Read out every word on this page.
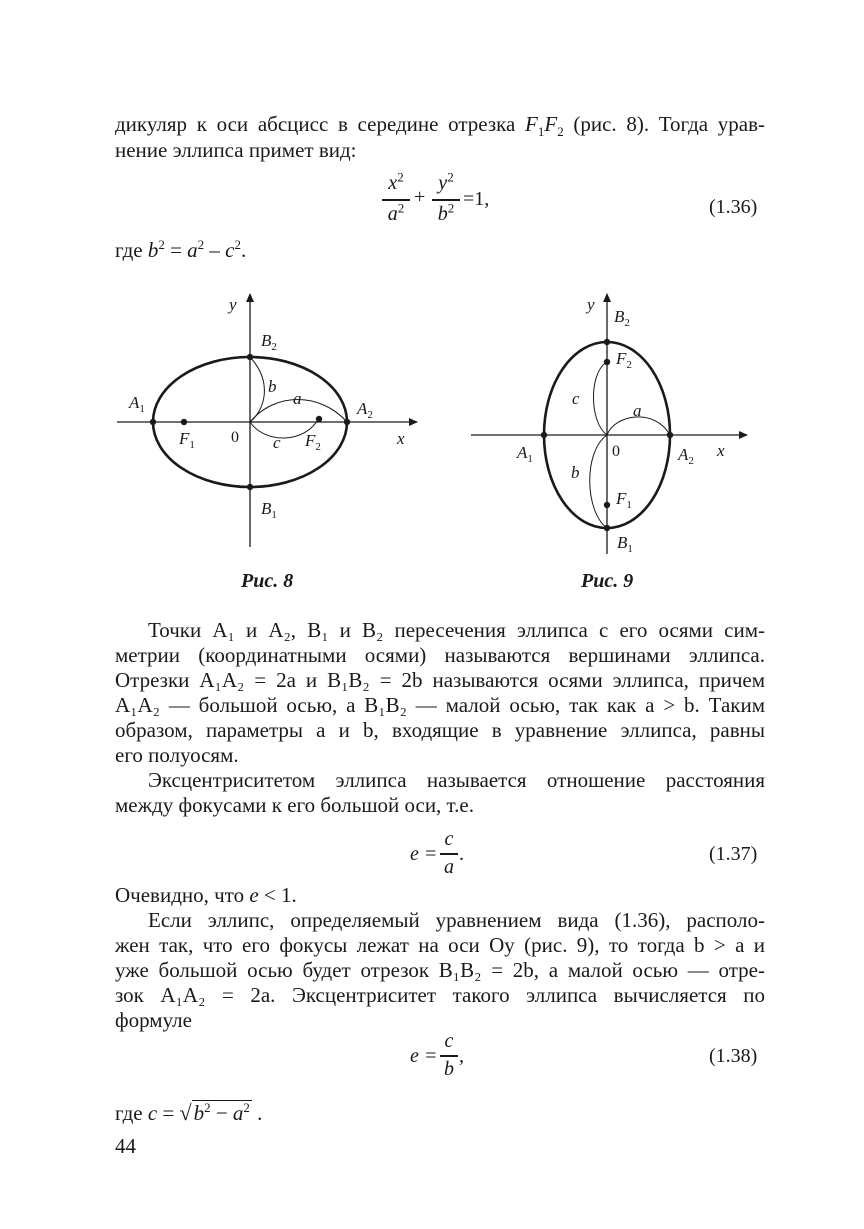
дикуляр к оси абсцисс в середине отрезка $F_1F_2$ (рис. 8). Тогда урав-
нение эллипса примет вид:
$x^2$
$a^2$ +
$y^2$
$b^2 =1$,	(1.36)
где $b^2 = a^2 - c^2$.
y
x
$B_2$
$B_1$
$A_1$	$A_2$
$F_1$	$F_2$
0
b
a
c
Рис. 8
y
x
$B_2$
$B_1$
$A_1$	$A_2$
$F_2$
$F_1$
0
c
a
b
Рис. 9
Точки A₁ и A₂, B₁ и B₂ пересечения эллипса с его осями сим-
метрии (координатными осями) называются вершинами эллипса.
Отрезки A₁A₂ = 2a и B₁B₂ = 2b называются осями эллипса, причем
A₁A₂ — большой осью, а B₁B₂ — малой осью, так как a > b. Таким
образом, параметры a и b, входящие в уравнение эллипса, равны
его полуосям.
Эксцентриситетом эллипса называется отношение расстояния
между фокусами к его большой оси, т.е.
e =
c
a
.	(1.37)
Очевидно, что e < 1.
Если эллипс, определяемый уравнением вида (1.36), располо-
жен так, что его фокусы лежат на оси Oy (рис. 9), то тогда b > a и
уже большой осью будет отрезок B₁B₂ = 2b, а малой осью — отре-
зок A₁A₂ = 2a. Эксцентриситет такого эллипса вычисляется по
формуле
e =
c
b
,	(1.38)
где $c = √b^2 - a^2$ .
44
